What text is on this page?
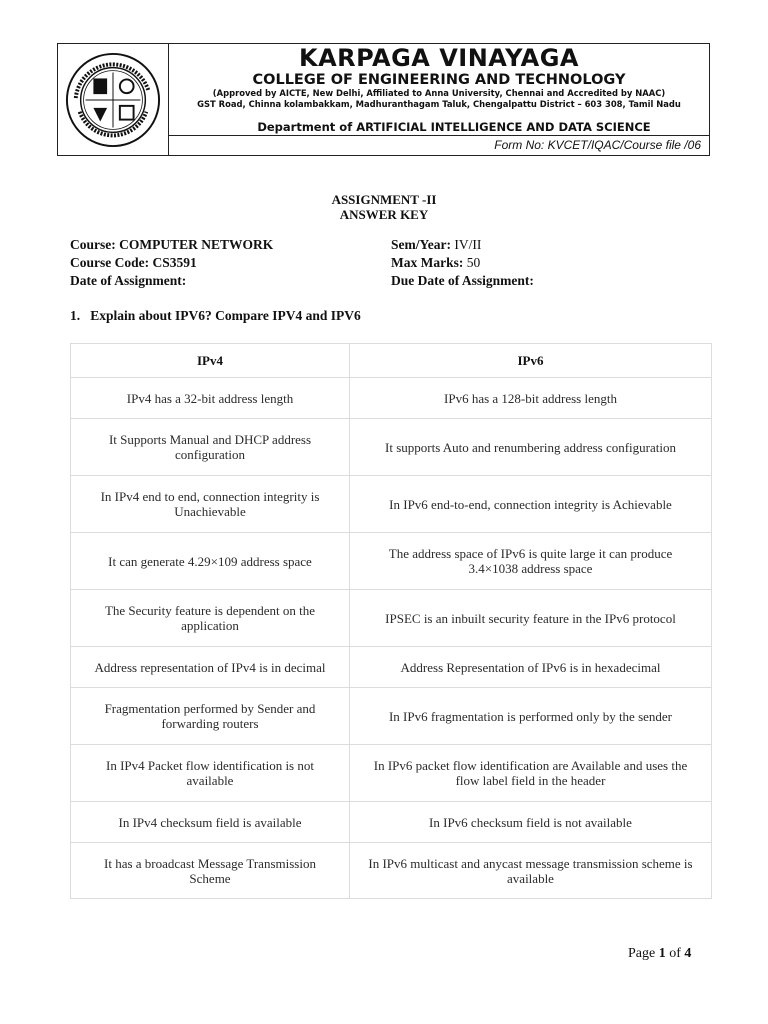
KARPAGA VINAYAGA
COLLEGE OF ENGINEERING AND TECHNOLOGY
(Approved by AICTE, New Delhi, Affiliated to Anna University, Chennai and Accredited by NAAC)
GST Road, Chinna kolambakkam, Madhuranthagam Taluk, Chengalpattu District – 603 308, Tamil Nadu
Department of ARTIFICIAL INTELLIGENCE AND DATA SCIENCE
Form No: KVCET/IQAC/Course file /06
ASSIGNMENT -II
ANSWER KEY
Course: COMPUTER NETWORK
Course Code: CS3591
Date of Assignment:
Sem/Year: IV/II
Max Marks: 50
Due Date of Assignment:
1. Explain about IPV6? Compare IPV4 and IPV6
IPv4	IPv6
IPv4 has a 32-bit address length	IPv6 has a 128-bit address length
It Supports Manual and DHCP address configuration	It supports Auto and renumbering address configuration
In IPv4 end to end, connection integrity is Unachievable	In IPv6 end-to-end, connection integrity is Achievable
It can generate 4.29×109 address space	The address space of IPv6 is quite large it can produce 3.4×1038 address space
The Security feature is dependent on the application	IPSEC is an inbuilt security feature in the IPv6 protocol
Address representation of IPv4 is in decimal	Address Representation of IPv6 is in hexadecimal
Fragmentation performed by Sender and forwarding routers	In IPv6 fragmentation is performed only by the sender
In IPv4 Packet flow identification is not available	In IPv6 packet flow identification are Available and uses the flow label field in the header
In IPv4 checksum field is available	In IPv6 checksum field is not available
It has a broadcast Message Transmission Scheme	In IPv6 multicast and anycast message transmission scheme is available
Page 1 of 4
